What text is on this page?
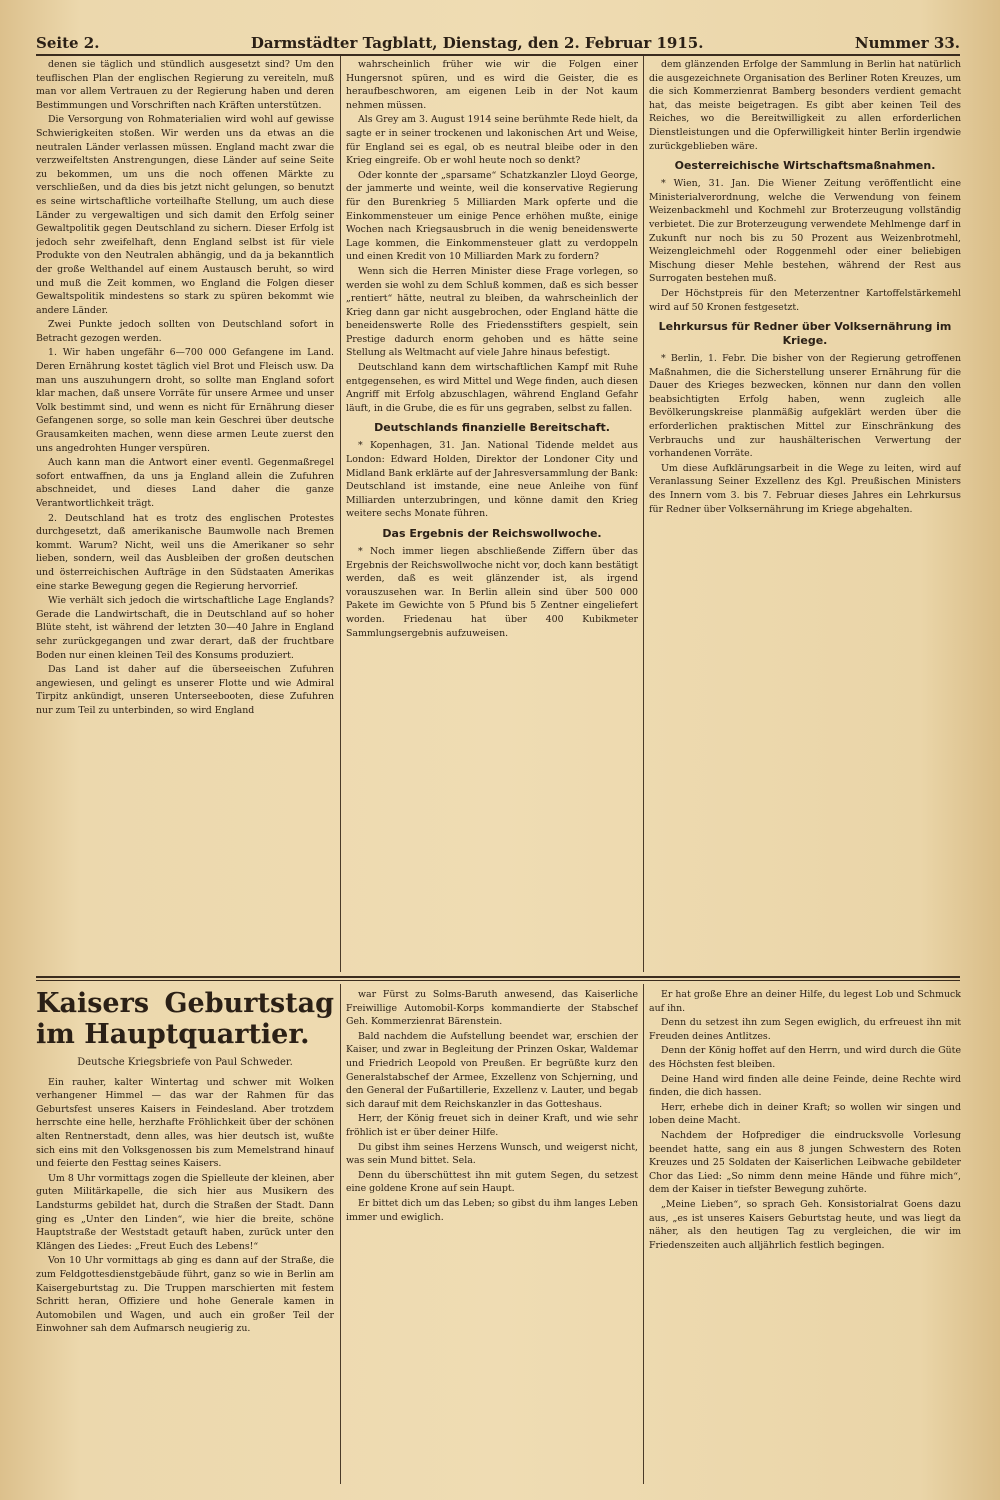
Seite 2.	Darmstädter Tagblatt, Dienstag, den 2. Februar 1915.	Nummer 33.

denen sie täglich und stündlich ausgesetzt sind? Um den teuflischen Plan der englischen Regierung zu vereiteln, muß man vor allem Vertrauen zu der Regierung haben und deren Bestimmungen und Vorschriften nach Kräften unterstützen.

Die Versorgung von Rohmaterialien wird wohl auf gewisse Schwierigkeiten stoßen. Wir werden uns da etwas an die neutralen Länder verlassen müssen. England macht zwar die verzweifeltsten Anstrengungen, diese Länder auf seine Seite zu bekommen, um uns die noch offenen Märkte zu verschließen, und da dies bis jetzt nicht gelungen, so benutzt es seine wirtschaftliche vorteilhafte Stellung, um auch diese Länder zu vergewaltigen und sich damit den Erfolg seiner Gewaltpolitik gegen Deutschland zu sichern. Dieser Erfolg ist jedoch sehr zweifelhaft, denn England selbst ist für viele Produkte von den Neutralen abhängig, und da ja bekanntlich der große Welthandel auf einem Austausch beruht, so wird und muß die Zeit kommen, wo England die Folgen dieser Gewaltspolitik mindestens so stark zu spüren bekommt wie andere Länder.

Zwei Punkte jedoch sollten von Deutschland sofort in Betracht gezogen werden.

1. Wir haben ungefähr 6—700 000 Gefangene im Land. Deren Ernährung kostet täglich viel Brot und Fleisch usw. Da man uns auszuhungern droht, so sollte man England sofort klar machen, daß unsere Vorräte für unsere Armee und unser Volk bestimmt sind, und wenn es nicht für Ernährung dieser Gefangenen sorge, so solle man kein Geschrei über deutsche Grausamkeiten machen, wenn diese armen Leute zuerst den uns angedrohten Hunger verspüren.

Auch kann man die Antwort einer eventl. Gegenmaßregel sofort entwaffnen, da uns ja England allein die Zufuhren abschneidet, und dieses Land daher die ganze Verantwortlichkeit trägt.

2. Deutschland hat es trotz des englischen Protestes durchgesetzt, daß amerikanische Baumwolle nach Bremen kommt. Warum? Nicht, weil uns die Amerikaner so sehr lieben, sondern, weil das Ausbleiben der großen deutschen und österreichischen Aufträge in den Südstaaten Amerikas eine starke Bewegung gegen die Regierung hervorrief.

Wie verhält sich jedoch die wirtschaftliche Lage Englands? Gerade die Landwirtschaft, die in Deutschland auf so hoher Blüte steht, ist während der letzten 30—40 Jahre in England sehr zurückgegangen und zwar derart, daß der fruchtbare Boden nur einen kleinen Teil des Konsums produziert.

Das Land ist daher auf die überseeischen Zufuhren angewiesen, und gelingt es unserer Flotte und wie Admiral Tirpitz ankündigt, unseren Unterseebooten, diese Zufuhren nur zum Teil zu unterbinden, so wird England

wahrscheinlich früher wie wir die Folgen einer Hungersnot spüren, und es wird die Geister, die es heraufbeschworen, am eigenen Leib in der Not kaum nehmen müssen.

Als Grey am 3. August 1914 seine berühmte Rede hielt, da sagte er in seiner trockenen und lakonischen Art und Weise, für England sei es egal, ob es neutral bleibe oder in den Krieg eingreife. Ob er wohl heute noch so denkt?

Oder konnte der „sparsame“ Schatzkanzler Lloyd George, der jammerte und weinte, weil die konservative Regierung für den Burenkrieg 5 Milliarden Mark opferte und die Einkommensteuer um einige Pence erhöhen mußte, einige Wochen nach Kriegsausbruch in die wenig beneidenswerte Lage kommen, die Einkommensteuer glatt zu verdoppeln und einen Kredit von 10 Milliarden Mark zu fordern?

Wenn sich die Herren Minister diese Frage vorlegen, so werden sie wohl zu dem Schluß kommen, daß es sich besser „rentiert“ hätte, neutral zu bleiben, da wahrscheinlich der Krieg dann gar nicht ausgebrochen, oder England hätte die beneidenswerte Rolle des Friedensstifters gespielt, sein Prestige dadurch enorm gehoben und es hätte seine Stellung als Weltmacht auf viele Jahre hinaus befestigt.

Deutschland kann dem wirtschaftlichen Kampf mit Ruhe entgegensehen, es wird Mittel und Wege finden, auch diesen Angriff mit Erfolg abzuschlagen, während England Gefahr läuft, in die Grube, die es für uns gegraben, selbst zu fallen.

Deutschlands finanzielle Bereitschaft.

* Kopenhagen, 31. Jan. National Tidende meldet aus London: Edward Holden, Direktor der Londoner City und Midland Bank erklärte auf der Jahresversammlung der Bank: Deutschland ist imstande, eine neue Anleihe von fünf Milliarden unterzubringen, und könne damit den Krieg weitere sechs Monate führen.

Das Ergebnis der Reichswollwoche.

* Noch immer liegen abschließende Ziffern über das Ergebnis der Reichswollwoche nicht vor, doch kann bestätigt werden, daß es weit glänzender ist, als irgend vorauszusehen war. In Berlin allein sind über 500 000 Pakete im Gewichte von 5 Pfund bis 5 Zentner eingeliefert worden. Friedenau hat über 400 Kubikmeter Sammlungsergebnis aufzuweisen.

dem glänzenden Erfolge der Sammlung in Berlin hat natürlich die ausgezeichnete Organisation des Berliner Roten Kreuzes, um die sich Kommerzienrat Bamberg besonders verdient gemacht hat, das meiste beigetragen. Es gibt aber keinen Teil des Reiches, wo die Bereitwilligkeit zu allen erforderlichen Dienstleistungen und die Opferwilligkeit hinter Berlin irgendwie zurückgeblieben wäre.

Oesterreichische Wirtschaftsmaßnahmen.

* Wien, 31. Jan. Die Wiener Zeitung veröffentlicht eine Ministerialverordnung, welche die Verwendung von feinem Weizenbackmehl und Kochmehl zur Broterzeugung vollständig verbietet. Die zur Broterzeugung verwendete Mehlmenge darf in Zukunft nur noch bis zu 50 Prozent aus Weizenbrotmehl, Weizengleichmehl oder Roggenmehl oder einer beliebigen Mischung dieser Mehle bestehen, während der Rest aus Surrogaten bestehen muß.

Der Höchstpreis für den Meterzentner Kartoffelstärkemehl wird auf 50 Kronen festgesetzt.

Lehrkursus für Redner über Volksernährung im Kriege.

* Berlin, 1. Febr. Die bisher von der Regierung getroffenen Maßnahmen, die die Sicherstellung unserer Ernährung für die Dauer des Krieges bezwecken, können nur dann den vollen beabsichtigten Erfolg haben, wenn zugleich alle Bevölkerungskreise planmäßig aufgeklärt werden über die erforderlichen praktischen Mittel zur Einschränkung des Verbrauchs und zur haushälterischen Verwertung der vorhandenen Vorräte.

Um diese Aufklärungsarbeit in die Wege zu leiten, wird auf Veranlassung Seiner Exzellenz des Kgl. Preußischen Ministers des Innern vom 3. bis 7. Februar dieses Jahres ein Lehrkursus für Redner über Volksernährung im Kriege abgehalten.

Kaisers Geburtstag im Hauptquartier.
Deutsche Kriegsbriefe von Paul Schweder.

Ein rauher, kalter Wintertag und schwer mit Wolken verhangener Himmel — das war der Rahmen für das Geburtsfest unseres Kaisers in Feindesland. Aber trotzdem herrschte eine helle, herzhafte Fröhlichkeit über der schönen alten Rentnerstadt, denn alles, was hier deutsch ist, wußte sich eins mit den Volksgenossen bis zum Memelstrand hinauf und feierte den Festtag seines Kaisers.

Um 8 Uhr vormittags zogen die Spielleute der kleinen, aber guten Militärkapelle, die sich hier aus Musikern des Landsturms gebildet hat, durch die Straßen der Stadt. Dann ging es „Unter den Linden“, wie hier die breite, schöne Hauptstraße der Weststadt getauft haben, zurück unter den Klängen des Liedes: „Freut Euch des Lebens!“

Von 10 Uhr vormittags ab ging es dann auf der Straße, die zum Feldgottesdienstgebäude führt, ganz so wie in Berlin am Kaisergeburtstag zu. Die Truppen marschierten mit festem Schritt heran, Offiziere und hohe Generale kamen in Automobilen und Wagen, und auch ein großer Teil der Einwohner sah dem Aufmarsch neugierig zu.

war Fürst zu Solms-Baruth anwesend, das Kaiserliche Freiwillige Automobil-Korps kommandierte der Stabschef Geh. Kommerzienrat Bärenstein.

Bald nachdem die Aufstellung beendet war, erschien der Kaiser, und zwar in Begleitung der Prinzen Oskar, Waldemar und Friedrich Leopold von Preußen. Er begrüßte kurz den Generalstabschef der Armee, Exzellenz von Schjerning, und den General der Fußartillerie, Exzellenz v. Lauter, und begab sich darauf mit dem Reichskanzler in das Gotteshaus.

Herr, der König freuet sich in deiner Kraft, und wie sehr fröhlich ist er über deiner Hilfe.

Du gibst ihm seines Herzens Wunsch, und weigerst nicht, was sein Mund bittet. Sela.

Denn du überschüttest ihn mit gutem Segen, du setzest eine goldene Krone auf sein Haupt.

Er bittet dich um das Leben; so gibst du ihm langes Leben immer und ewiglich.

Er hat große Ehre an deiner Hilfe, du legest Lob und Schmuck auf ihn.

Denn du setzest ihn zum Segen ewiglich, du erfreuest ihn mit Freuden deines Antlitzes.

Denn der König hoffet auf den Herrn, und wird durch die Güte des Höchsten fest bleiben.

Deine Hand wird finden alle deine Feinde, deine Rechte wird finden, die dich hassen.

Herr, erhebe dich in deiner Kraft; so wollen wir singen und loben deine Macht.

Nachdem der Hofprediger die eindrucksvolle Vorlesung beendet hatte, sang ein aus 8 jungen Schwestern des Roten Kreuzes und 25 Soldaten der Kaiserlichen Leibwache gebildeter Chor das Lied: „So nimm denn meine Hände und führe mich“, dem der Kaiser in tiefster Bewegung zuhörte.

„Meine Lieben“, so sprach Geh. Konsistorialrat Goens dazu aus, „es ist unseres Kaisers Geburtstag heute, und was liegt da näher, als den heutigen Tag zu vergleichen, die wir im Friedenszeiten auch alljährlich festlich begingen.
